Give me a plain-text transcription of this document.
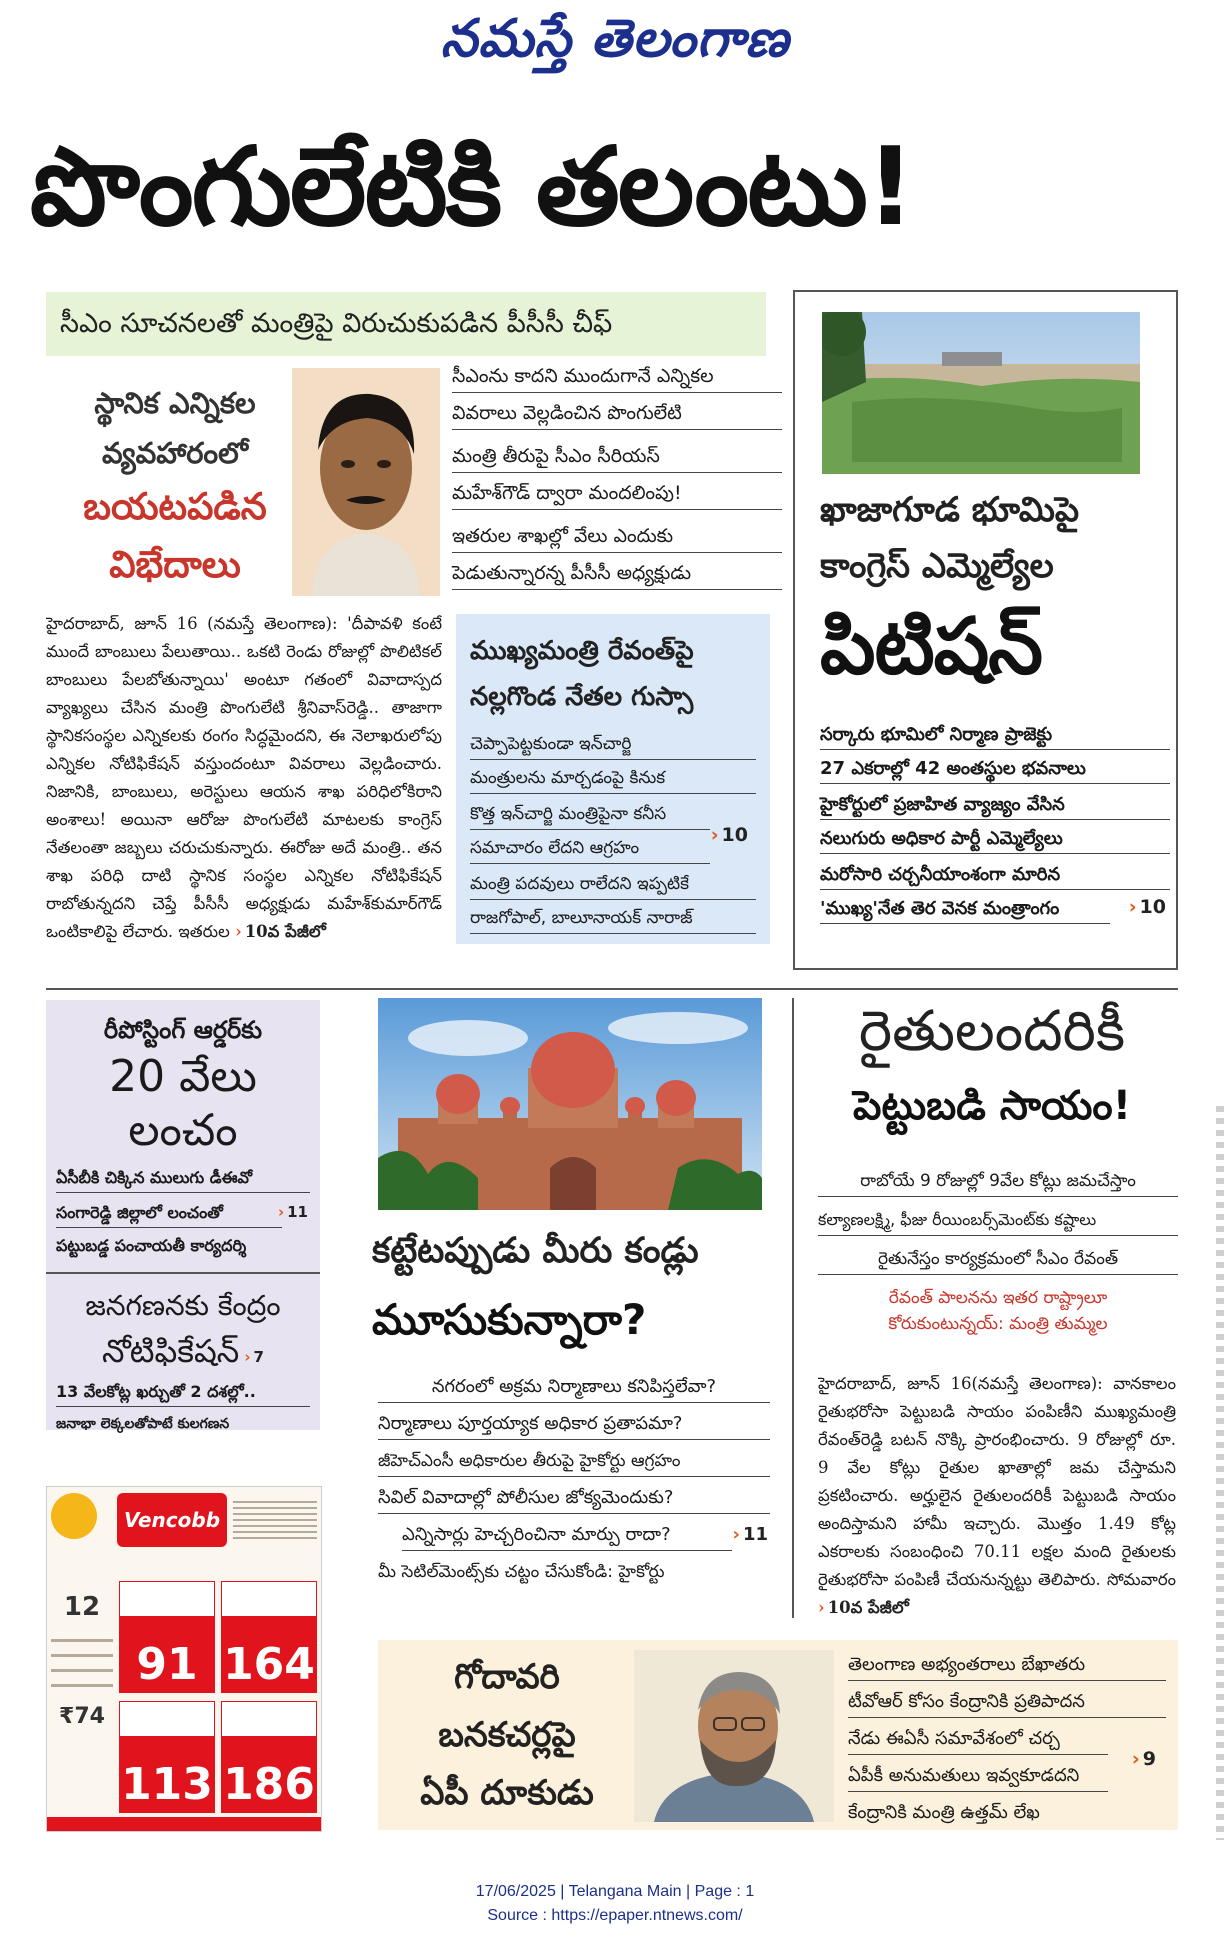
నమస్తే తెలంగాణ
పొంగులేటికి తలంటు!
సీఎం సూచనలతో మంత్రిపై విరుచుకుపడిన పీసీసీ చీఫ్
స్థానిక ఎన్నికల
వ్యవహారంలో
బయటపడిన
విభేదాలు
సీఎంను కాదని ముందుగానే ఎన్నికల
వివరాలు వెల్లడించిన పొంగులేటి
మంత్రి తీరుపై సీఎం సీరియస్
మహేశ్‌గౌడ్ ద్వారా మందలింపు!
ఇతరుల శాఖల్లో వేలు ఎందుకు
పెడుతున్నారన్న పీసీసీ అధ్యక్షుడు
హైదరాబాద్, జూన్ 16 (నమస్తే తెలంగాణ): 'దీపావళి కంటే ముందే బాంబులు పేలుతాయి.. ఒకటి రెండు రోజుల్లో పొలిటికల్ బాంబులు పేలబోతున్నాయి' అంటూ గతంలో వివాదాస్పద వ్యాఖ్యలు చేసిన మంత్రి పొంగులేటి శ్రీనివాస్‌రెడ్డి.. తాజాగా స్థానికసంస్థల ఎన్నికలకు రంగం సిద్ధమైందని, ఈ నెలాఖరులోపు ఎన్నికల నోటిఫికేషన్ వస్తుందంటూ వివరాలు వెల్లడించారు. నిజానికి, బాంబులు, అరెస్టులు ఆయన శాఖ పరిధిలోకిరాని అంశాలు! అయినా ఆరోజు పొంగులేటి మాటలకు కాంగ్రెస్ నేతలంతా జబ్బలు చరుచుకున్నారు. ఈరోజు అదే మంత్రి.. తన శాఖ పరిధి దాటి స్థానిక సంస్థల ఎన్నికల నోటిఫికేషన్ రాబోతున్నదని చెప్తే పీసీసీ అధ్యక్షుడు మహేశ్‌కుమార్‌గౌడ్ ఒంటికాలిపై లేచారు. ఇతరుల › 10వ పేజీలో
ముఖ్యమంత్రి రేవంత్‌పై
నల్లగొండ నేతల గుస్సా
చెప్పాపెట్టకుండా ఇన్‌చార్జి
మంత్రులను మార్చడంపై కినుక
కొత్త ఇన్‌చార్జి మంత్రిపైనా కనీస
సమాచారం లేదని ఆగ్రహం
› 10
మంత్రి పదవులు రాలేదని ఇప్పటికే
రాజగోపాల్, బాలూనాయక్ నారాజ్
ఖాజాగూడ భూమిపై
కాంగ్రెస్ ఎమ్మెల్యేల
పిటిషన్
సర్కారు భూమిలో నిర్మాణ ప్రాజెక్టు
27 ఎకరాల్లో 42 అంతస్థుల భవనాలు
హైకోర్టులో ప్రజాహిత వ్యాజ్యం వేసిన
నలుగురు అధికార పార్టీ ఎమ్మెల్యేలు
మరోసారి చర్చనీయాంశంగా మారిన
'ముఖ్య'నేత తెర వెనక మంత్రాంగం	› 10
రీపోస్టింగ్ ఆర్డర్‌కు
20 వేలు
లంచం
ఏసీబీకి చిక్కిన ములుగు డీఈవో
సంగారెడ్డి జిల్లాలో లంచంతో	› 11
పట్టుబడ్డ పంచాయతీ కార్యదర్శి
జనగణనకు కేంద్రం
నోటిఫికేషన్ › 7
13 వేలకోట్ల ఖర్చుతో 2 దశల్లో..
జనాభా లెక్కలతోపాటే కులగణన
Vencobb
12
₹74
91 164
113 186
కట్టేటప్పుడు మీరు కండ్లు
మూసుకున్నారా?
నగరంలో అక్రమ నిర్మాణాలు కనిపిస్తలేవా?
నిర్మాణాలు పూర్తయ్యాక అధికార ప్రతాపమా?
జీహెచ్‌ఎంసీ అధికారుల తీరుపై హైకోర్టు ఆగ్రహం
సివిల్ వివాదాల్లో పోలీసుల జోక్యమెందుకు?
ఎన్నిసార్లు హెచ్చరించినా మార్పు రాదా?	› 11
మీ సెటిల్‌మెంట్స్‌కు చట్టం చేసుకోండి: హైకోర్టు
రైతులందరికీ
పెట్టుబడి సాయం!
రాబోయే 9 రోజుల్లో 9వేల కోట్లు జమచేస్తాం
కల్యాణలక్ష్మి, ఫీజు రీయింబర్స్‌మెంట్‌కు కష్టాలు
రైతునేస్తం కార్యక్రమంలో సీఎం రేవంత్
రేవంత్ పాలనను ఇతర రాష్ట్రాలూ
కోరుకుంటున్నయ్: మంత్రి తుమ్మల
హైదరాబాద్, జూన్ 16(నమస్తే తెలంగాణ): వానకాలం రైతుభరోసా పెట్టుబడి సాయం పంపిణీని ముఖ్యమంత్రి రేవంత్‌రెడ్డి బటన్ నొక్కి ప్రారంభించారు. 9 రోజుల్లో రూ. 9 వేల కోట్లు రైతుల ఖాతాల్లో జమ చేస్తామని ప్రకటించారు. అర్హులైన రైతులందరికీ పెట్టుబడి సాయం అందిస్తామని హామీ ఇచ్చారు. మొత్తం 1.49 కోట్ల ఎకరాలకు సంబంధించి 70.11 లక్షల మంది రైతులకు రైతుభరోసా పంపిణీ చేయనున్నట్టు తెలిపారు. సోమవారం › 10వ పేజీలో
గోదావరి
బనకచర్లపై
ఏపీ దూకుడు
తెలంగాణ అభ్యంతరాలు బేఖాతరు
టీవోఆర్ కోసం కేంద్రానికి ప్రతిపాదన
నేడు ఈఏసీ సమావేశంలో చర్చ
ఏపీకీ అనుమతులు ఇవ్వకూడదని
› 9
కేంద్రానికి మంత్రి ఉత్తమ్ లేఖ
17/06/2025 | Telangana Main | Page : 1
Source : https://epaper.ntnews.com/
